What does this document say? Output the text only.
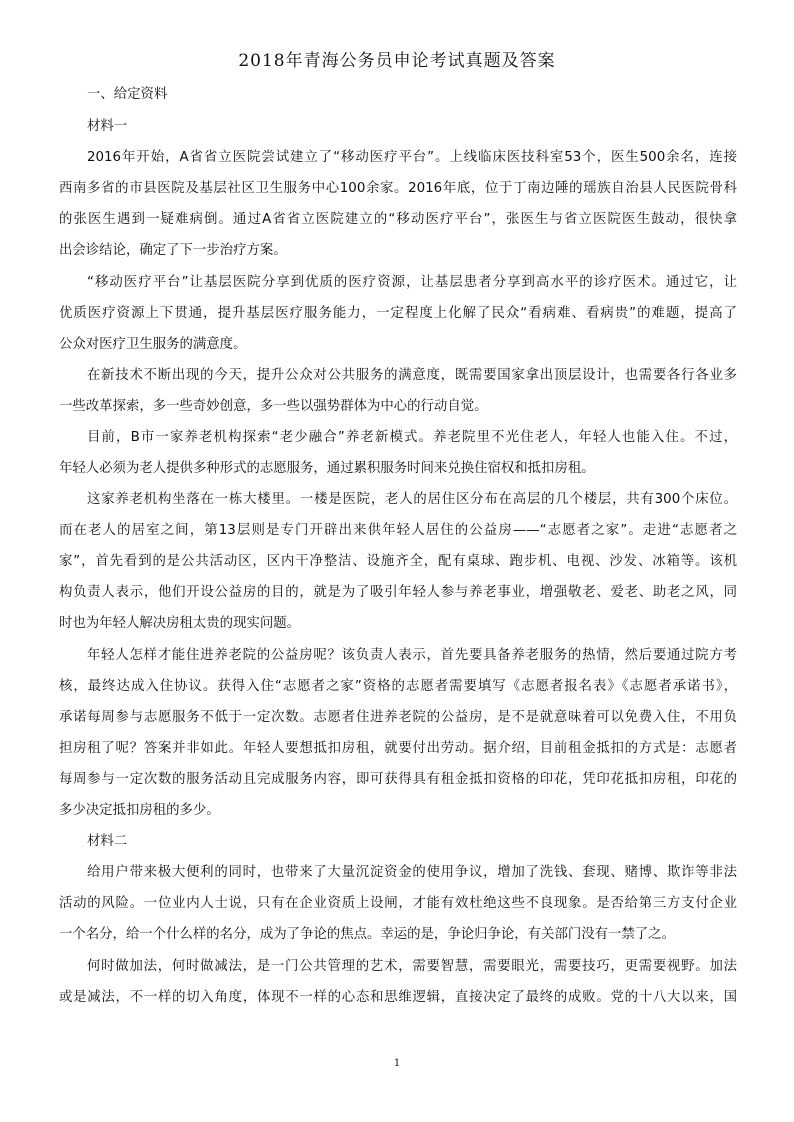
2018年青海公务员申论考试真题及答案

一、给定资料

材料一

2016年开始，A省省立医院尝试建立了“移动医疗平台”。上线临床医技科室53个，医生500余名，连接

西南多省的市县医院及基层社区卫生服务中心100余家。2016年底，位于丁南边陲的瑶族自治县人民医院骨科

的张医生遇到一疑难病倒。通过A省省立医院建立的“移动医疗平台”，张医生与省立医院医生鼓动，很快拿

出会诊结论，确定了下一步治疗方案。

“移动医疗平台”让基层医院分享到优质的医疗资源，让基层患者分享到高水平的诊疗医术。通过它，让

优质医疗资源上下贯通，提升基层医疗服务能力，一定程度上化解了民众“看病难、看病贵”的难题，提高了

公众对医疗卫生服务的满意度。

在新技术不断出现的今天，提升公众对公共服务的满意度，既需要国家拿出顶层设计，也需要各行各业多

一些改革探索，多一些奇妙创意，多一些以强势群体为中心的行动自觉。

目前，B市一家养老机构探索“老少融合”养老新模式。养老院里不光住老人，年轻人也能入住。不过，

年轻人必须为老人提供多种形式的志愿服务，通过累积服务时间来兑换住宿权和抵扣房租。

这家养老机构坐落在一栋大楼里。一楼是医院，老人的居住区分布在高层的几个楼层，共有300个床位。

而在老人的居室之间，第13层则是专门开辟出来供年轻人居住的公益房——“志愿者之家”。走进“志愿者之

家”，首先看到的是公共活动区，区内干净整洁、设施齐全，配有桌球、跑步机、电视、沙发、冰箱等。该机

构负责人表示，他们开设公益房的目的，就是为了吸引年轻人参与养老事业，增强敬老、爱老、助老之风，同

时也为年轻人解决房租太贵的现实问题。

年轻人怎样才能住进养老院的公益房呢？该负责人表示，首先要具备养老服务的热情，然后要通过院方考

核，最终达成入住协议。获得入住“志愿者之家”资格的志愿者需要填写《志愿者报名表》《志愿者承诺书》，

承诺每周参与志愿服务不低于一定次数。志愿者住进养老院的公益房，是不是就意味着可以免费入住，不用负

担房租了呢？答案并非如此。年轻人要想抵扣房租，就要付出劳动。据介绍，目前租金抵扣的方式是：志愿者

每周参与一定次数的服务活动且完成服务内容，即可获得具有租金抵扣资格的印花，凭印花抵扣房租，印花的

多少决定抵扣房租的多少。

材料二

给用户带来极大便利的同时，也带来了大量沉淀资金的使用争议，增加了洗钱、套现、赌博、欺诈等非法

活动的风险。一位业内人士说，只有在企业资质上设闸，才能有效杜绝这些不良现象。是否给第三方支付企业

一个名分，给一个什么样的名分，成为了争论的焦点。幸运的是，争论归争论，有关部门没有一禁了之。

何时做加法，何时做减法，是一门公共管理的艺术，需要智慧，需要眼光，需要技巧，更需要视野。加法

或是减法，不一样的切入角度，体现不一样的心态和思维逻辑，直接决定了最终的成败。党的十八大以来，国

1
